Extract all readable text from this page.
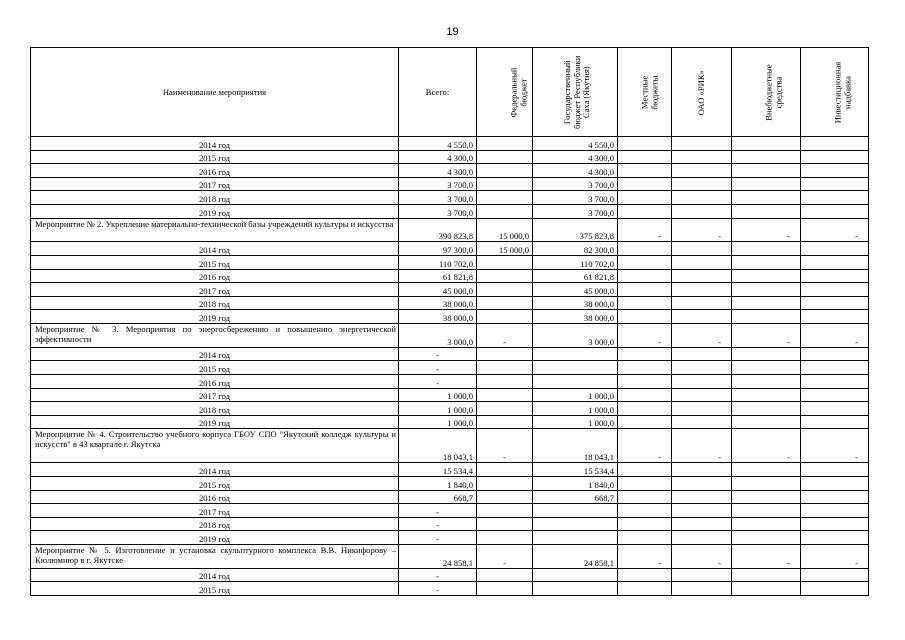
19
Наименование мероприятия	Всего:	Федеральный бюджет	Государственный бюджет Республики Саха (Якутия)	Местные бюджеты	ОАО «РИК»	Внебюджетные средства	Инвестиционная надбавка
2014 год	4 550,0		4 550,0				
2015 год	4 300,0		4 300,0				
2016 год	4 300,0		4 300,0				
2017 год	3 700,0		3 700,0				
2018 год	3 700,0		3 700,0				
2019 год	3 700,0		3 700,0				
Мероприятие № 2. Укрепление материально-технической базы учреждений культуры и искусства	390 823,8	15 000,0	375 823,8	-	-	-	-
2014 год	97 300,0	15 000,0	82 300,0				
2015 год	110 702,0		110 702,0				
2016 год	61 821,8		61 821,8				
2017 год	45 000,0		45 000,0				
2018 год	38 000,0		38 000,0				
2019 год	38 000,0		38 000,0				
Мероприятие № 3. Мероприятия по энергосбережению и повышению энергетической эффективности	3 000,0	-	3 000,0	-	-	-	-
2014 год	-						
2015 год	-						
2016 год	-						
2017 год	1 000,0		1 000,0				
2018 год	1 000,0		1 000,0				
2019 год	1 000,0		1 000,0				
Мероприятие № 4. Строительство учебного корпуса ГБОУ СПО "Якутский колледж культуры и искусств" в 43 квартале г. Якутска	18 043,1	-	18 043,1	-	-	-	-
2014 год	15 534,4		15 534,4				
2015 год	1 840,0		1 840,0				
2016 год	668,7		668,7				
2017 год	-						
2018 год	-						
2019 год	-						
Мероприятие № 5. Изготовление и установка скульптурного комплекса В.В. Никифорову – Кюлюмнюр в г. Якутске	24 858,1	-	24 858,1	-	-	-	-
2014 год	-						
2015 год	-						
